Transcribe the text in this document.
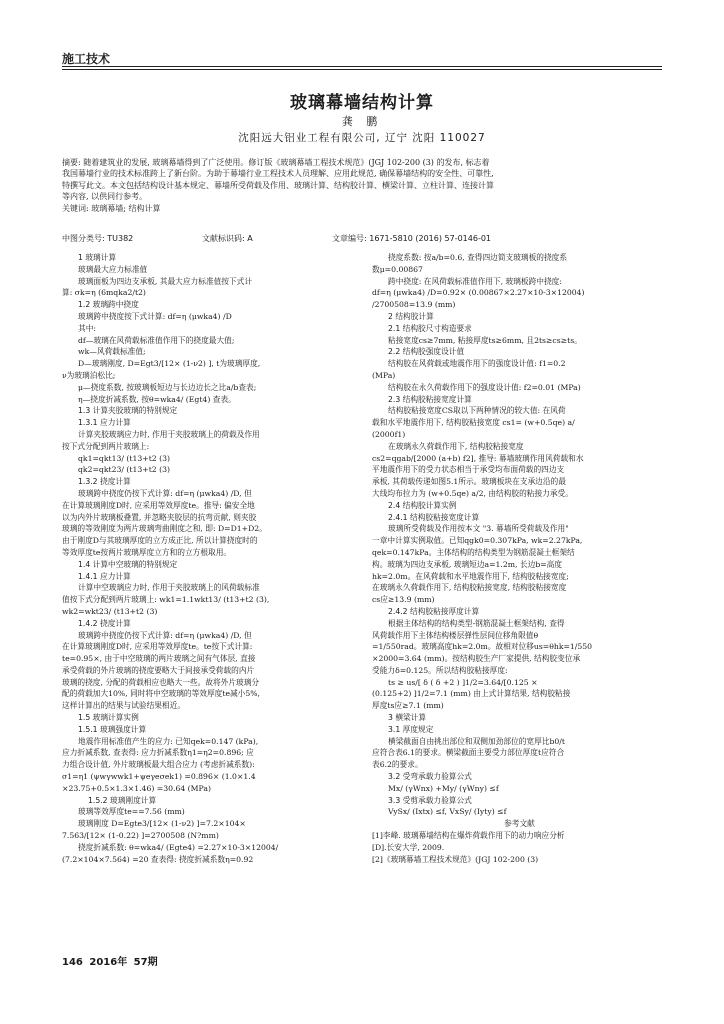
施工技术
玻璃幕墙结构计算
龚 鹏
沈阳远大铝业工程有限公司, 辽宁 沈阳 110027
摘要: 随着建筑业的发展, 玻璃幕墙得到了广泛使用。修订版《玻璃幕墙工程技术规范》(JGJ 102-200 (3) 的发布, 标志着
我国幕墙行业的技术标准跨上了新台阶。为助于幕墙行业工程技术人员理解、应用此规范, 确保幕墙结构的安全性、可靠性,
特撰写此文。本文包括结构设计基本规定、幕墙所受荷载及作用、玻璃计算、结构胶计算、横梁计算、立柱计算、连接计算
等内容, 以供同行参考。
关键词: 玻璃幕墙; 结构计算
中图分类号: TU382	文献标识码: A	文章编号: 1671-5810 (2016) 57-0146-01
1 玻璃计算
玻璃最大应力标准值
玻璃面板为四边支承板, 其最大应力标准值按下式计
算: σk=η (6mqka2/t2)
1.2 玻璃跨中挠度
玻璃跨中挠度按下式计算: df=η (μwka4) /D
其中:
df—玻璃在风荷载标准值作用下的挠度最大值;
wk—风荷载标准值;
D—玻璃刚度, D=Egt3/[12× (1-ν2) ], t为玻璃厚度,
ν为玻璃泊松比;
μ—挠度系数, 按玻璃板短边与长边边长之比a/b查表;
η—挠度折减系数, 按θ=wka4/ (Egt4) 查表。
1.3 计算夹胶玻璃的特别规定
1.3.1 应力计算
计算夹胶玻璃应力时, 作用于夹胶玻璃上的荷载及作用
按下式分配到两片玻璃上:
qk1=qkt13/ (t13+t2 (3)
qk2=qkt23/ (t13+t2 (3)
1.3.2 挠度计算
玻璃跨中挠度仍按下式计算: df=η (μwka4) /D, 但
在计算玻璃刚度D时, 应采用等效厚度te。推导: 偏安全地
以为内外片玻璃板叠置, 并忽略夹胶层的抗弯贡献, 则夹胶
玻璃的等效刚度为两片玻璃弯曲刚度之和, 即: D=D1+D2。
由于刚度D与其玻璃厚度的立方成正比, 所以计算挠度时的
等效厚度te按两片玻璃厚度立方和的立方根取用。
1.4 计算中空玻璃的特别规定
1.4.1 应力计算
计算中空玻璃应力时, 作用于夹胶玻璃上的风荷载标准
值按下式分配到两片玻璃上: wk1=1.1wkt13/ (t13+t2 (3),
wk2=wkt23/ (t13+t2 (3)
1.4.2 挠度计算
玻璃跨中挠度仍按下式计算: df=η (μwka4) /D, 但
在计算玻璃刚度D时, 应采用等效厚度te。te按下式计算:
te=0.95×, 由于中空玻璃的两片玻璃之间有气体层, 直接
承受荷载的外片玻璃的挠度要略大于间接承受荷载的内片
玻璃的挠度, 分配的荷载相应也略大一些。故将外片玻璃分
配的荷载加大10%, 同时将中空玻璃的等效厚度te减小5%,
这样计算出的结果与试验结果相近。
1.5 玻璃计算实例
1.5.1 玻璃强度计算
地震作用标准值产生的应力: 已知qek=0.147 (kPa),
应力折减系数, 查表得: 应力折减系数η1=η2=0.896; 应
力组合设计值, 外片玻璃板最大组合应力 (考虑折减系数):
σ1=η1 (ψwγwwk1+ψeγeσek1) =0.896× (1.0×1.4
×23.75+0.5×1.3×1.46) =30.64 (MPa)
1.5.2 玻璃刚度计算
玻璃等效厚度te==7.56 (mm)
玻璃刚度 D=Egte3/[12× (1-ν2) ]=7.2×104×
7.563/[12× (1-0.22) ]=2700508 (N?mm)
挠度折减系数: θ=wka4/ (Egte4) =2.27×10-3×12004/
(7.2×104×7.564) =20 查表得: 挠度折减系数η=0.92
挠度系数: 按a/b=0.6, 查得四边简支玻璃板的挠度系
数μ=0.00867
跨中挠度: 在风荷载标准值作用下, 玻璃板跨中挠度:
df=η (μwka4) /D=0.92× (0.00867×2.27×10-3×12004)
/2700508=13.9 (mm)
2 结构胶计算
2.1 结构胶尺寸构造要求
粘接宽度cs≥7mm, 粘接厚度ts≥6mm, 且2ts≥cs≥ts。
2.2 结构胶强度设计值
结构胶在风荷载或地震作用下的强度设计值: f1=0.2
(MPa)
结构胶在永久荷载作用下的强度设计值: f2=0.01 (MPa)
2.3 结构胶粘接宽度计算
结构胶粘接宽度CS取以下两种情况的较大值: 在风荷
载和水平地震作用下, 结构胶粘接宽度 cs1= (w+0.5qe) a/
(2000f1)
在玻璃永久荷载作用下, 结构胶粘接宽度
cs2=qgab/[2000 (a+b) f2], 推导: 幕墙玻璃作用风荷载和水
平地震作用下的受力状态相当于承受均布面荷载的四边支
承板, 其荷载传递如图5.1所示。玻璃板块在支承边沿的最
大线均布拉力为 (w+0.5qe) a/2, 由结构胶的粘接力承受。
2.4 结构胶计算实例
2.4.1 结构胶粘接宽度计算
玻璃所受荷载及作用按本文 "3. 幕墙所受荷载及作用"
一章中计算实例取值。已知qgk0=0.307kPa, wk=2.27kPa,
qek=0.147kPa。主体结构的结构类型为钢筋混凝土框架结
构。玻璃为四边支承板, 玻璃短边a=1.2m, 长边b=高度
hk=2.0m。在风荷载和水平地震作用下, 结构胶粘接宽度;
在玻璃永久荷载作用下, 结构胶粘接宽度, 结构胶粘接宽度
cs应≥13.9 (mm)
2.4.2 结构胶粘接厚度计算
根据主体结构的结构类型-钢筋混凝土框架结构, 查得
风荷载作用下主体结构楼层弹性层间位移角限值θ
=1/550rad。玻璃高度hk=2.0m。故相对位移us=θhk=1/550
×2000=3.64 (mm)。按结构胶生产厂家提供, 结构胶变位承
受能力δ=0.125。所以结构胶粘接厚度:
ts ≥ us/[ δ ( δ +2 ) ]1/2=3.64/[0.125 ×
(0.125+2) ]1/2=7.1 (mm) 由上式计算结果, 结构胶粘接
厚度ts应≥7.1 (mm)
3 横梁计算
3.1 厚度规定
横梁截面自由挑出部位和双侧加劲部位的宽厚比b0/t
应符合表6.1的要求。横梁截面主要受力部位厚度t应符合
表6.2的要求。
3.2 受弯承载力验算公式
Mx/ (γWnx) +My/ (γWny) ≤f
3.3 受剪承载力验算公式
VySx/ (Ixtx) ≤f, VxSy/ (Iyty) ≤f
参考文献
[1]李峰. 玻璃幕墙结构在爆炸荷载作用下的动力响应分析
[D].长安大学, 2009.
[2]《玻璃幕墙工程技术规范》(JGJ 102-200 (3)
146 2016年 57期
